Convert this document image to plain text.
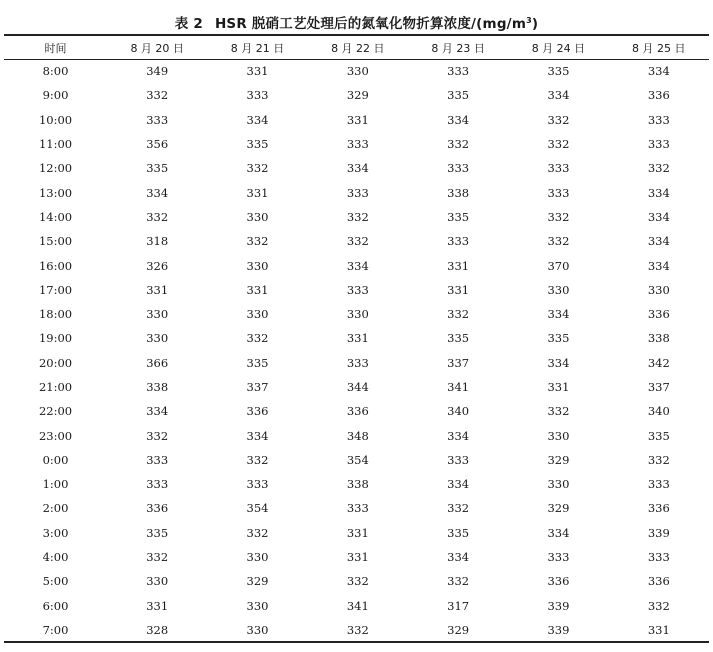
表 2 HSR 脱硝工艺处理后的氮氧化物折算浓度$/(mg/m^3)$
时间	8 月 20 日	8 月 21 日	8 月 22 日	8 月 23 日	8 月 24 日	8 月 25 日
8:00	349	331	330	333	335	334
9:00	332	333	329	335	334	336
10:00	333	334	331	334	332	333
11:00	356	335	333	332	332	333
12:00	335	332	334	333	333	332
13:00	334	331	333	338	333	334
14:00	332	330	332	335	332	334
15:00	318	332	332	333	332	334
16:00	326	330	334	331	370	334
17:00	331	331	333	331	330	330
18:00	330	330	330	332	334	336
19:00	330	332	331	335	335	338
20:00	366	335	333	337	334	342
21:00	338	337	344	341	331	337
22:00	334	336	336	340	332	340
23:00	332	334	348	334	330	335
0:00	333	332	354	333	329	332
1:00	333	333	338	334	330	333
2:00	336	354	333	332	329	336
3:00	335	332	331	335	334	339
4:00	332	330	331	334	333	333
5:00	330	329	332	332	336	336
6:00	331	330	341	317	339	332
7:00	328	330	332	329	339	331
